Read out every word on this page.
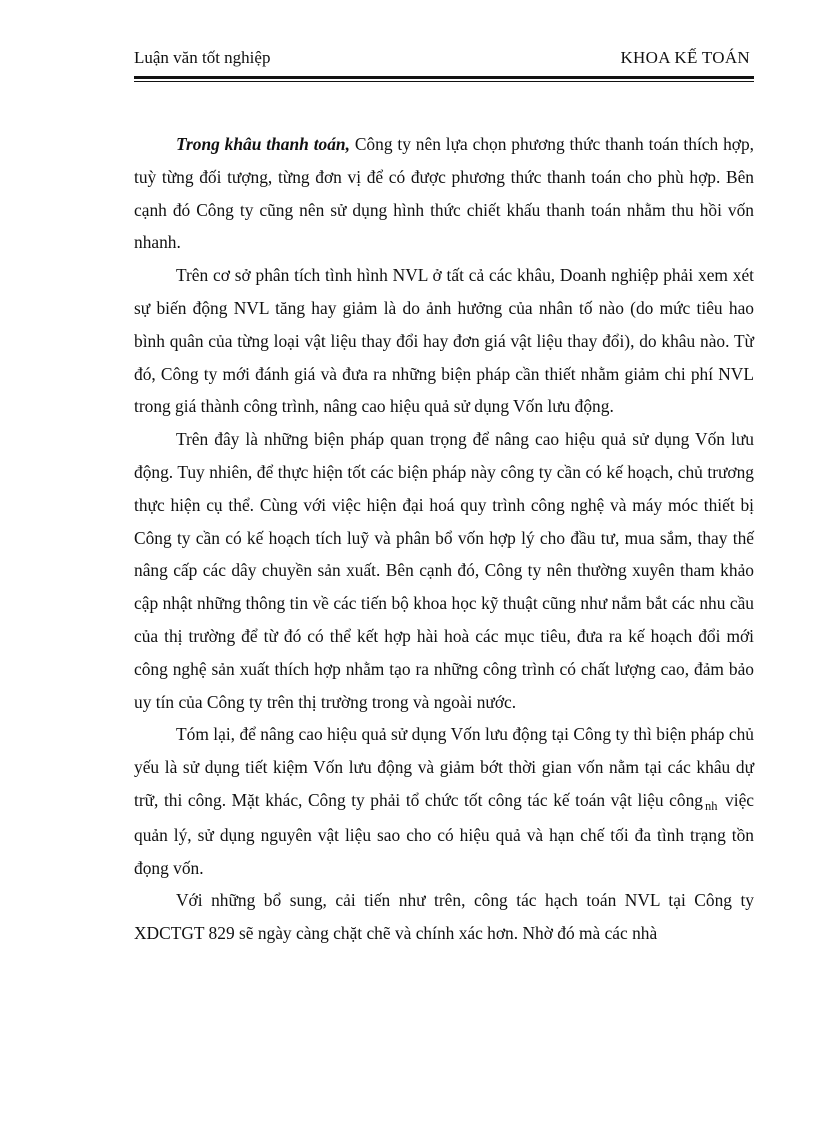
Luận văn tốt nghiệp	KHOA KẾ TOÁN

Trong khâu thanh toán, Công ty nên lựa chọn phương thức thanh toán thích hợp, tuỳ từng đối tượng, từng đơn vị để có được phương thức thanh toán cho phù hợp. Bên cạnh đó Công ty cũng nên sử dụng hình thức chiết khấu thanh toán nhằm thu hồi vốn nhanh.

Trên cơ sở phân tích tình hình NVL ở tất cả các khâu, Doanh nghiệp phải xem xét sự biến động NVL tăng hay giảm là do ảnh hưởng của nhân tố nào (do mức tiêu hao bình quân của từng loại vật liệu thay đổi hay đơn giá vật liệu thay đổi), do khâu nào. Từ đó, Công ty mới đánh giá và đưa ra những biện pháp cần thiết nhằm giảm chi phí NVL trong giá thành công trình, nâng cao hiệu quả sử dụng Vốn lưu động.

Trên đây là những biện pháp quan trọng để nâng cao hiệu quả sử dụng Vốn lưu động. Tuy nhiên, để thực hiện tốt các biện pháp này công ty cần có kế hoạch, chủ trương thực hiện cụ thể. Cùng với việc hiện đại hoá quy trình công nghệ và máy móc thiết bị Công ty cần có kế hoạch tích luỹ và phân bổ vốn hợp lý cho đầu tư, mua sắm, thay thế nâng cấp các dây chuyền sản xuất. Bên cạnh đó, Công ty nên thường xuyên tham khảo cập nhật những thông tin về các tiến bộ khoa học kỹ thuật cũng như nắm bắt các nhu cầu của thị trường để từ đó có thể kết hợp hài hoà các mục tiêu, đưa ra kế hoạch đổi mới công nghệ sản xuất thích hợp nhằm tạo ra những công trình có chất lượng cao, đảm bảo uy tín của Công ty trên thị trường trong và ngoài nước.

Tóm lại, để nâng cao hiệu quả sử dụng Vốn lưu động tại Công ty thì biện pháp chủ yếu là sử dụng tiết kiệm Vốn lưu động và giảm bớt thời gian vốn nằm tại các khâu dự trữ, thi công. Mặt khác, Công ty phải tổ chức tốt công tác kế toán vật liệu công $_{nh}$ việc quản lý, sử dụng nguyên vật liệu sao cho có hiệu quả và hạn chế tối đa tình trạng tồn đọng vốn.

Với những bổ sung, cải tiến như trên, công tác hạch toán NVL tại Công ty XDCTGT 829 sẽ ngày càng chặt chẽ và chính xác hơn. Nhờ đó mà các nhà
